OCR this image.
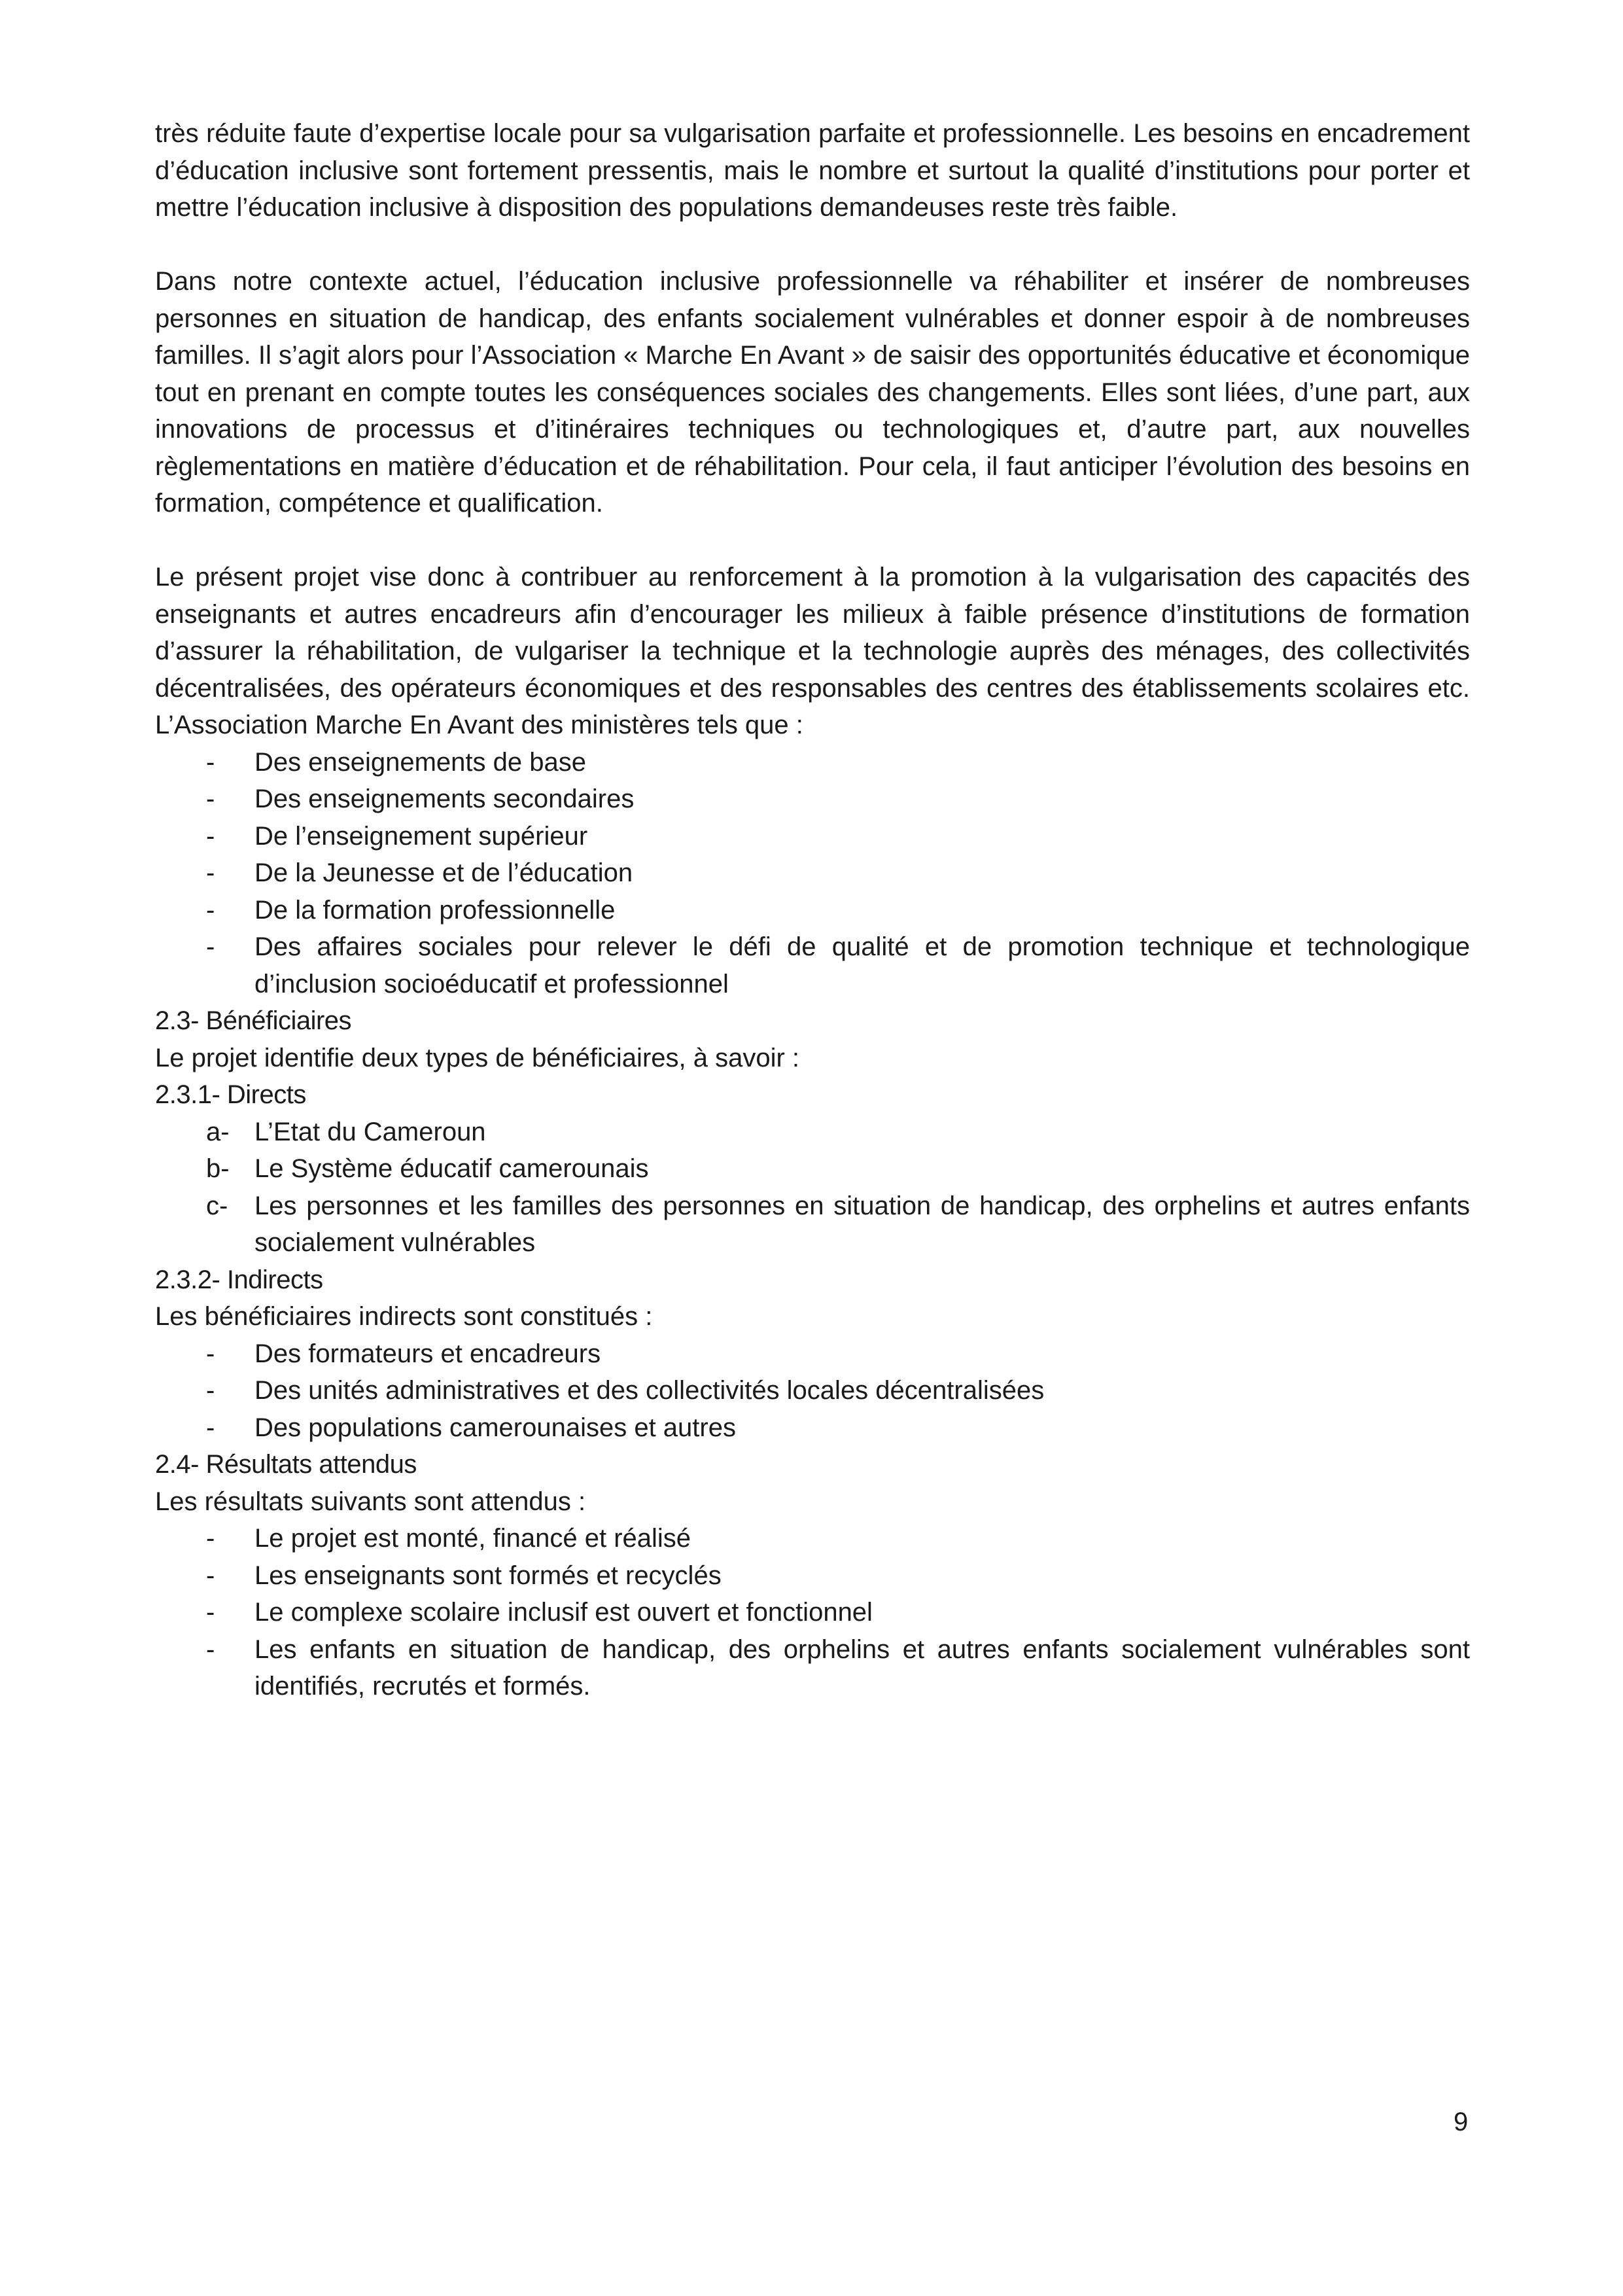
très réduite faute d’expertise locale pour sa vulgarisation parfaite et professionnelle. Les besoins en encadrement d’éducation inclusive sont fortement pressentis, mais le nombre et surtout la qualité d’institutions pour porter et mettre l’éducation inclusive à disposition des populations demandeuses reste très faible.

Dans notre contexte actuel, l’éducation inclusive professionnelle va réhabiliter et insérer de nombreuses personnes en situation de handicap, des enfants socialement vulnérables et donner espoir à de nombreuses familles. Il s’agit alors pour l’Association « Marche En Avant » de saisir des opportunités éducative et économique tout en prenant en compte toutes les conséquences sociales des changements. Elles sont liées, d’une part, aux innovations de processus et d’itinéraires techniques ou technologiques et, d’autre part, aux nouvelles règlementations en matière d’éducation et de réhabilitation. Pour cela, il faut anticiper l’évolution des besoins en formation, compétence et qualification.

Le présent projet vise donc à contribuer au renforcement à la promotion à la vulgarisation des capacités des enseignants et autres encadreurs afin d’encourager les milieux à faible présence d’institutions de formation d’assurer la réhabilitation, de vulgariser la technique et la technologie auprès des ménages, des collectivités décentralisées, des opérateurs économiques et des responsables des centres des établissements scolaires etc. L’Association Marche En Avant des ministères tels que :

- Des enseignements de base
- Des enseignements secondaires
- De l’enseignement supérieur
- De la Jeunesse et de l’éducation
- De la formation professionnelle
- Des affaires sociales pour relever le défi de qualité et de promotion technique et technologique d’inclusion socioéducatif et professionnel
2.3- Bénéficiaires

Le projet identifie deux types de bénéficiaires, à savoir :

2.3.1- Directs
a- L’Etat du Cameroun
b- Le Système éducatif camerounais
c- Les personnes et les familles des personnes en situation de handicap, des orphelins et autres enfants socialement vulnérables
2.3.2- Indirects

Les bénéficiaires indirects sont constitués :

- Des formateurs et encadreurs
- Des unités administratives et des collectivités locales décentralisées
- Des populations camerounaises et autres
2.4- Résultats attendus

Les résultats suivants sont attendus :

- Le projet est monté, financé et réalisé
- Les enseignants sont formés et recyclés
- Le complexe scolaire inclusif est ouvert et fonctionnel
- Les enfants en situation de handicap, des orphelins et autres enfants socialement vulnérables sont identifiés, recrutés et formés.
9
